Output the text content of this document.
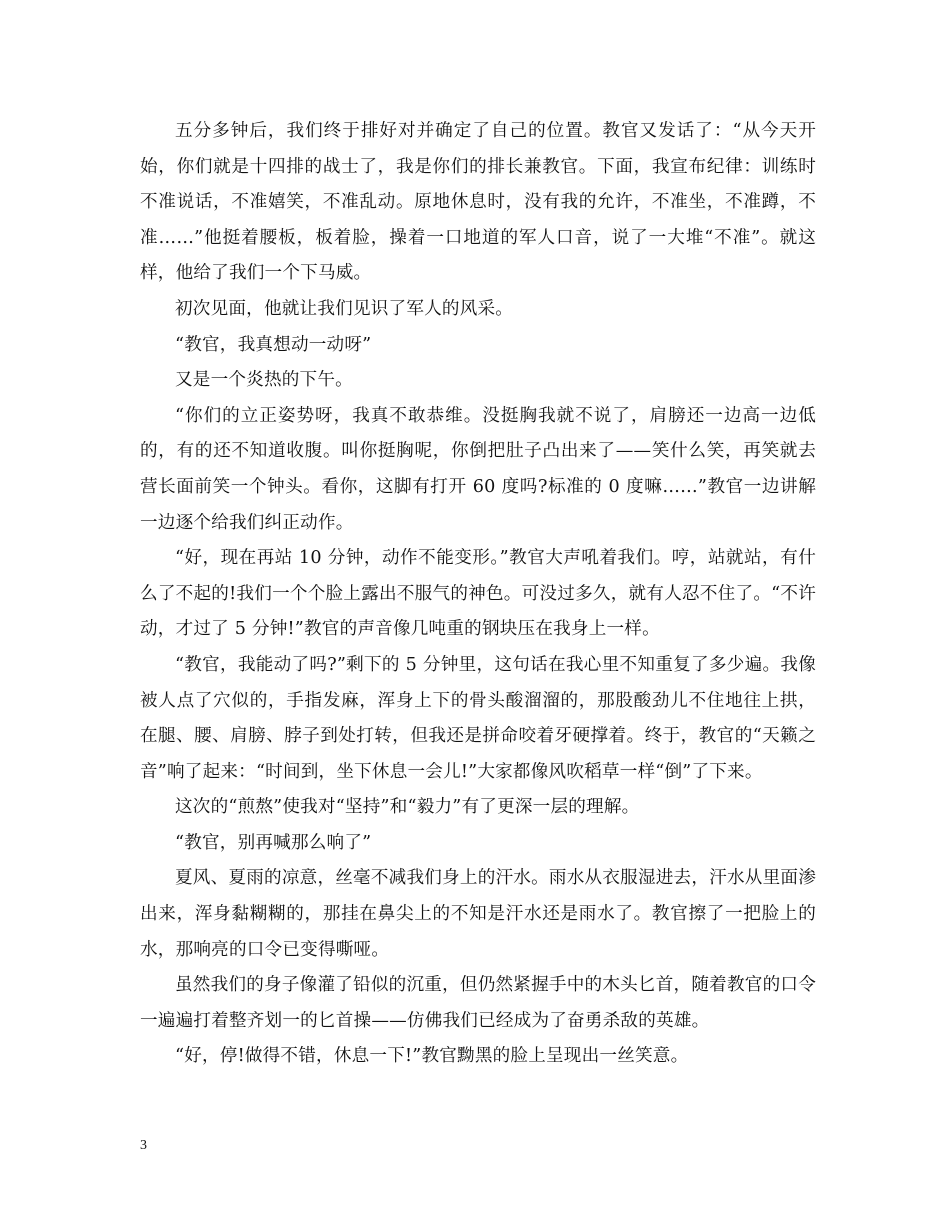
五分多钟后，我们终于排好对并确定了自己的位置。教官又发话了：“从今天开始，你们就是十四排的战士了，我是你们的排长兼教官。下面，我宣布纪律：训练时不准说话，不准嬉笑，不准乱动。原地休息时，没有我的允许，不准坐，不准蹲，不准……”他挺着腰板，板着脸，操着一口地道的军人口音，说了一大堆“不准”。就这样，他给了我们一个下马威。

初次见面，他就让我们见识了军人的风采。

“教官，我真想动一动呀”

又是一个炎热的下午。

“你们的立正姿势呀，我真不敢恭维。没挺胸我就不说了，肩膀还一边高一边低的，有的还不知道收腹。叫你挺胸呢，你倒把肚子凸出来了——笑什么笑，再笑就去营长面前笑一个钟头。看你，这脚有打开 60 度吗?标准的 0 度嘛……”教官一边讲解一边逐个给我们纠正动作。

“好，现在再站 10 分钟，动作不能变形。”教官大声吼着我们。哼，站就站，有什么了不起的!我们一个个脸上露出不服气的神色。可没过多久，就有人忍不住了。“不许动，才过了 5 分钟!”教官的声音像几吨重的钢块压在我身上一样。

“教官，我能动了吗?”剩下的 5 分钟里，这句话在我心里不知重复了多少遍。我像被人点了穴似的，手指发麻，浑身上下的骨头酸溜溜的，那股酸劲儿不住地往上拱，在腿、腰、肩膀、脖子到处打转，但我还是拼命咬着牙硬撑着。终于，教官的“天籁之音”响了起来：“时间到，坐下休息一会儿!”大家都像风吹稻草一样“倒”了下来。

这次的“煎熬”使我对“坚持”和“毅力”有了更深一层的理解。

“教官，别再喊那么响了”

夏风、夏雨的凉意，丝毫不减我们身上的汗水。雨水从衣服湿进去，汗水从里面渗出来，浑身黏糊糊的，那挂在鼻尖上的不知是汗水还是雨水了。教官擦了一把脸上的水，那响亮的口令已变得嘶哑。

虽然我们的身子像灌了铅似的沉重，但仍然紧握手中的木头匕首，随着教官的口令一遍遍打着整齐划一的匕首操——仿佛我们已经成为了奋勇杀敌的英雄。

“好，停!做得不错，休息一下!”教官黝黑的脸上呈现出一丝笑意。

3
